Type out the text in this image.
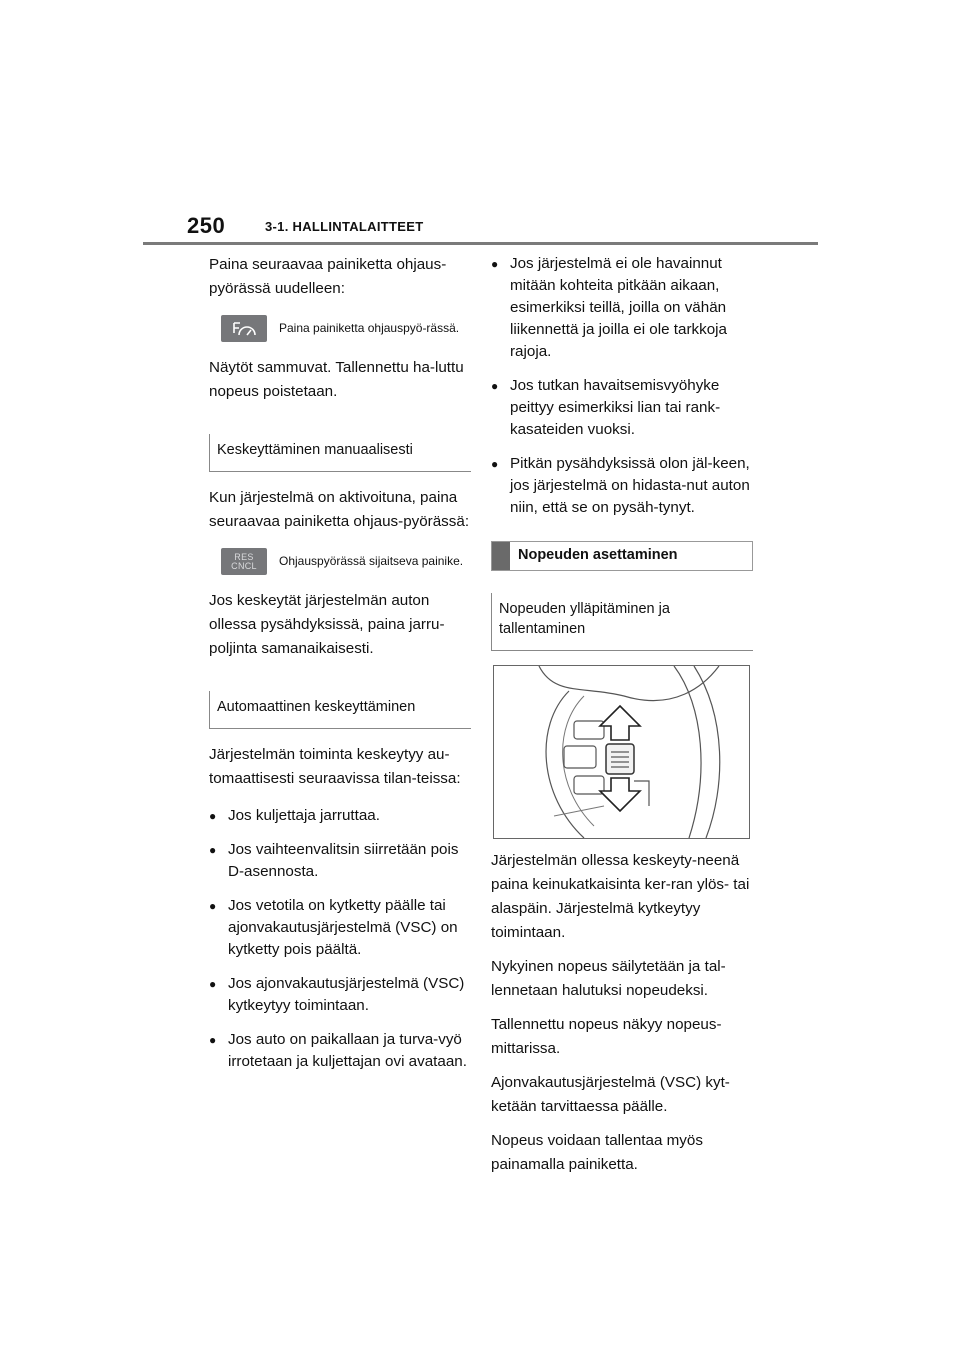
250	3-1. HALLINTALAITTEET

Paina seuraavaa painiketta ohjaus-pyörässä uudelleen:

Paina painiketta ohjauspyö-rässä.

Näytöt sammuvat. Tallennettu ha-luttu nopeus poistetaan.

Keskeyttäminen manuaalisesti

Kun järjestelmä on aktivoituna, paina seuraavaa painiketta ohjaus-pyörässä:

RES
CNCL Ohjauspyörässä sijaitseva painike.

Jos keskeytät järjestelmän auton ollessa pysähdyksissä, paina jarru-poljinta samanaikaisesti.

Automaattinen keskeyttäminen

Järjestelmän toiminta keskeytyy au-tomaattisesti seuraavissa tilan-teissa:

● Jos kuljettaja jarruttaa.
● Jos vaihteenvalitsin siirretään pois D-asennosta.
● Jos vetotila on kytketty päälle tai ajonvakautusjärjestelmä (VSC) on kytketty pois päältä.
● Jos ajonvakautusjärjestelmä (VSC) kytkeytyy toimintaan.
● Jos auto on paikallaan ja turva-vyö irrotetaan ja kuljettajan ovi avataan.
● Jos järjestelmä ei ole havainnut mitään kohteita pitkään aikaan, esimerkiksi teillä, joilla on vähän liikennettä ja joilla ei ole tarkkoja rajoja.
● Jos tutkan havaitsemisvyöhyke peittyy esimerkiksi lian tai rank-kasateiden vuoksi.
● Pitkän pysähdyksissä olon jäl-keen, jos järjestelmä on hidasta-nut auton niin, että se on pysäh-tynyt.
Nopeuden asettaminen
Nopeuden ylläpitäminen ja tallentaminen

Järjestelmän ollessa keskeyty-neenä paina keinukatkaisinta ker-ran ylös- tai alaspäin. Järjestelmä kytkeytyy toimintaan.

Nykyinen nopeus säilytetään ja tal-lennetaan halutuksi nopeudeksi.

Tallennettu nopeus näkyy nopeus-mittarissa.

Ajonvakautusjärjestelmä (VSC) kyt-ketään tarvittaessa päälle.

Nopeus voidaan tallentaa myös painamalla painiketta.
